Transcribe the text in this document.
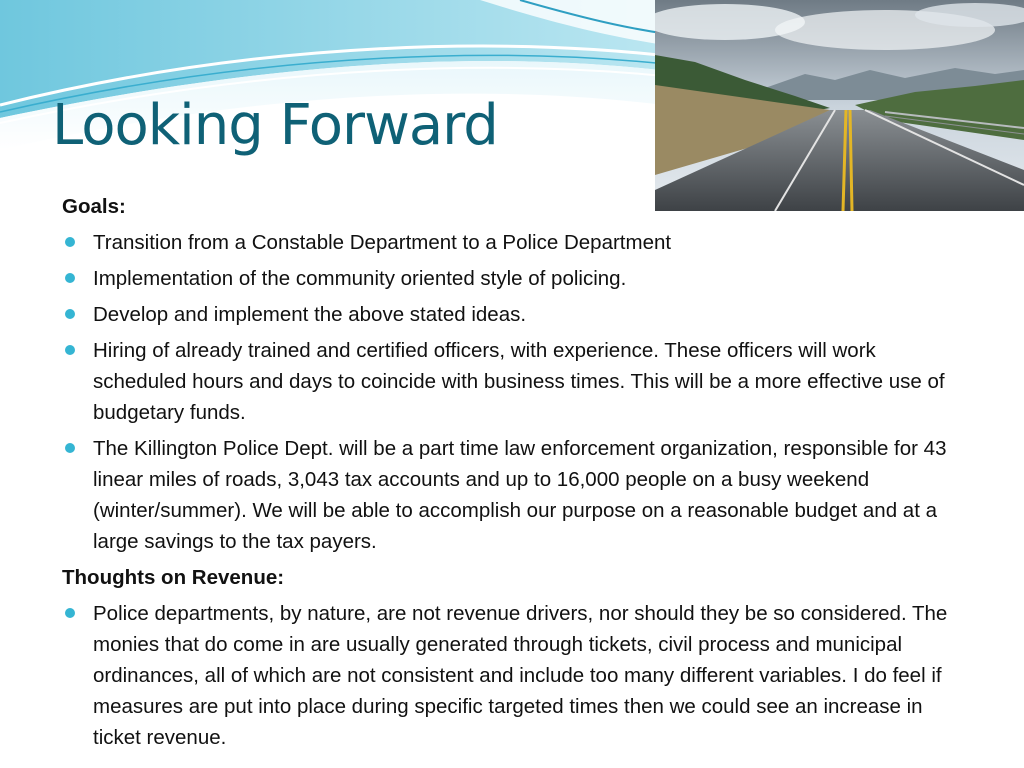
Looking Forward
Goals:
Transition from a Constable Department to a Police Department
Implementation of the community oriented style of policing.
Develop and implement the above stated ideas.
Hiring of already trained and certified officers, with experience. These officers will work scheduled hours and days to coincide with business times. This will be a more effective use of budgetary funds.
The Killington Police Dept. will be a part time law enforcement organization, responsible for 43 linear miles of roads, 3,043 tax accounts and up to 16,000 people on a busy weekend (winter/summer). We will be able to accomplish our purpose on a reasonable budget and at a large savings to the tax payers.
Thoughts on Revenue:
Police departments, by nature, are not revenue drivers, nor should they be so considered. The monies that do come in are usually generated through tickets, civil process and municipal ordinances, all of which are not consistent and include too many different variables. I do feel if measures are put into place during specific targeted times then we could see an increase in ticket revenue.
